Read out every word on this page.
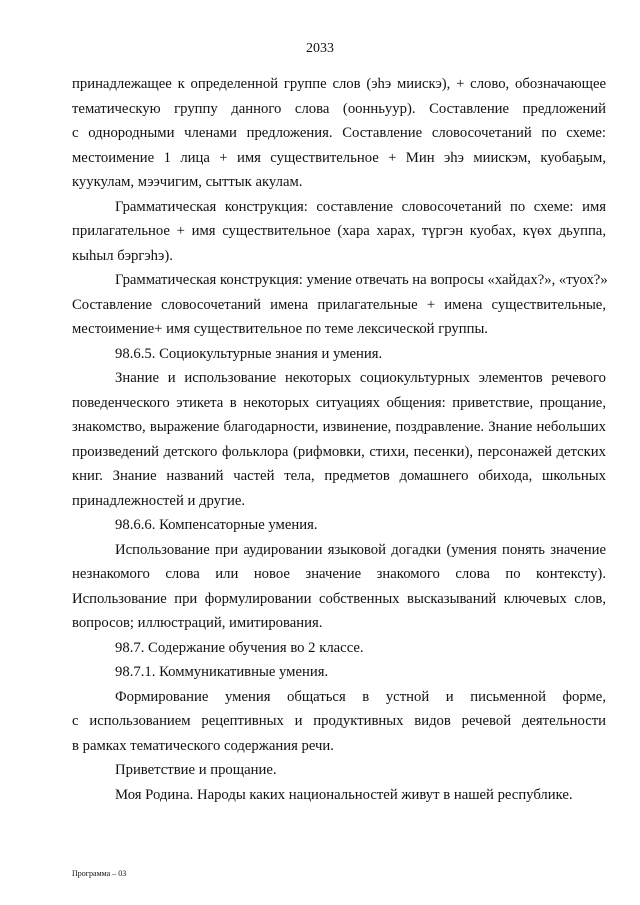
2033
принадлежащее к определенной группе слов (эһэ миискэ), + слово, обозначающее
тематическую группу данного слова (оонньуур). Составление предложений
с однородными членами предложения. Составление словосочетаний по схеме:
местоимение 1 лица + имя существительное + Мин эһэ миискэм, куобаҕым,
куукулам, мээчигим, сыттык акулам.
Грамматическая конструкция: составление словосочетаний по схеме: имя
прилагательное + имя существительное (хара харах, түргэн куобах, күөх дьуппа,
кыһыл бэргэһэ).
Грамматическая конструкция: умение отвечать на вопросы «хайдах?», «туох?»
Составление словосочетаний имена прилагательные + имена существительные,
местоимение+ имя существительное по теме лексической группы.
98.6.5. Социокультурные знания и умения.
Знание и использование некоторых социокультурных элементов речевого
поведенческого этикета в некоторых ситуациях общения: приветствие, прощание,
знакомство, выражение благодарности, извинение, поздравление. Знание небольших
произведений детского фольклора (рифмовки, стихи, песенки), персонажей детских
книг. Знание названий частей тела, предметов домашнего обихода, школьных
принадлежностей и другие.
98.6.6. Компенсаторные умения.
Использование при аудировании языковой догадки (умения понять значение
незнакомого слова или новое значение знакомого слова по контексту).
Использование при формулировании собственных высказываний ключевых слов,
вопросов; иллюстраций, имитирования.
98.7. Содержание обучения во 2 классе.
98.7.1. Коммуникативные умения.
Формирование умения общаться в устной и письменной форме,
с использованием рецептивных и продуктивных видов речевой деятельности
в рамках тематического содержания речи.
Приветствие и прощание.
Моя Родина. Народы каких национальностей живут в нашей республике.
Программа – 03
